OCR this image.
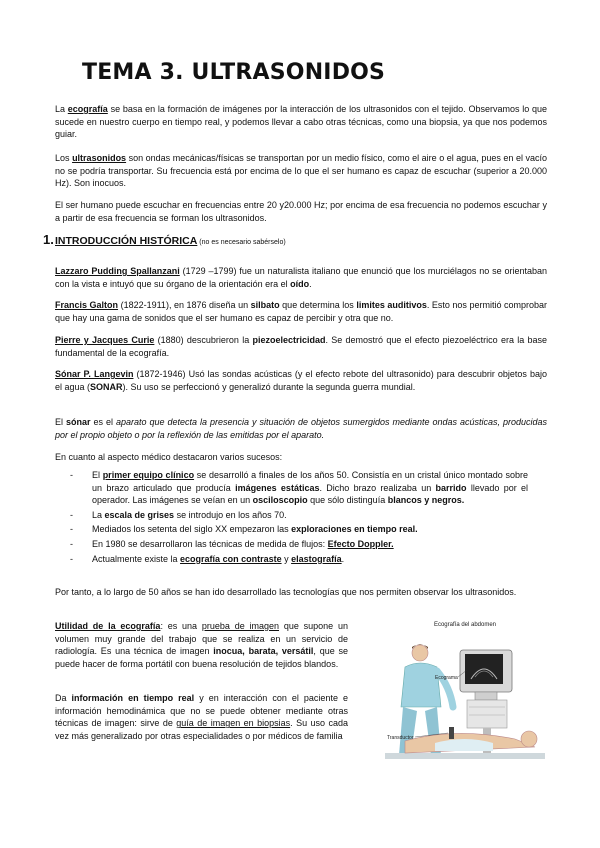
TEMA 3. ULTRASONIDOS

La ecografía se basa en la formación de imágenes por la interacción de los ultrasonidos con el tejido. Observamos lo que sucede en nuestro cuerpo en tiempo real, y podemos llevar a cabo otras técnicas, como una biopsia, ya que nos podemos guiar.

Los ultrasonidos son ondas mecánicas/físicas se transportan por un medio físico, como el aire o el agua, pues en el vacío no se podría transportar. Su frecuencia está por encima de lo que el ser humano es capaz de escuchar (superior a 20.000 Hz). Son inocuos.

El ser humano puede escuchar en frecuencias entre 20 y20.000 Hz; por encima de esa frecuencia no podemos escuchar y a partir de esa frecuencia se forman los ultrasonidos.

1. INTRODUCCIÓN HISTÓRICA (no es necesario sabérselo)

Lazzaro Pudding Spallanzani (1729 –1799) fue un naturalista italiano que enunció que los murciélagos no se orientaban con la vista e intuyó que su órgano de la orientación era el oído.

Francis Galton (1822-1911), en 1876 diseña un silbato que determina los limites auditivos. Esto nos permitió comprobar que hay una gama de sonidos que el ser humano es capaz de percibir y otra que no.

Pierre y Jacques Curie (1880) descubrieron la piezoelectricidad. Se demostró que el efecto piezoeléctrico era la base fundamental de la ecografía.

Sónar P. Langevin (1872-1946) Usó las sondas acústicas (y el efecto rebote del ultrasonido) para descubrir objetos bajo el agua (SONAR). Su uso se perfeccionó y generalizó durante la segunda guerra mundial.

El sónar es el aparato que detecta la presencia y situación de objetos sumergidos mediante ondas acústicas, producidas por el propio objeto o por la reflexión de las emitidas por el aparato.

En cuanto al aspecto médico destacaron varios sucesos:

- El primer equipo clínico se desarrolló a finales de los años 50. Consistía en un cristal único montado sobre un brazo articulado que producía imágenes estáticas. Dicho brazo realizaba un barrido llevado por el operador. Las imágenes se veían en un osciloscopio que sólo distinguía blancos y negros.
- La escala de grises se introdujo en los años 70.
- Mediados los setenta del siglo XX empezaron las exploraciones en tiempo real.
- En 1980 se desarrollaron las técnicas de medida de flujos: Efecto Doppler.
- Actualmente existe la ecografía con contraste y elastografía.

Por tanto, a lo largo de 50 años se han ido desarrollado las tecnologías que nos permiten observar los ultrasonidos.

Utilidad de la ecografía: es una prueba de imagen que supone un volumen muy grande del trabajo que se realiza en un servicio de radiología. Es una técnica de imagen inocua, barata, versátil, que se puede hacer de forma portátil con buena resolución de tejidos blandos.

Da información en tiempo real y en interacción con el paciente e información hemodinámica que no se puede obtener mediante otras técnicas de imagen: sirve de guía de imagen en biopsias. Su uso cada vez más generalizado por otras especialidades o por médicos de familia

Ecografía del abdomen
Ecograma
Transductor
